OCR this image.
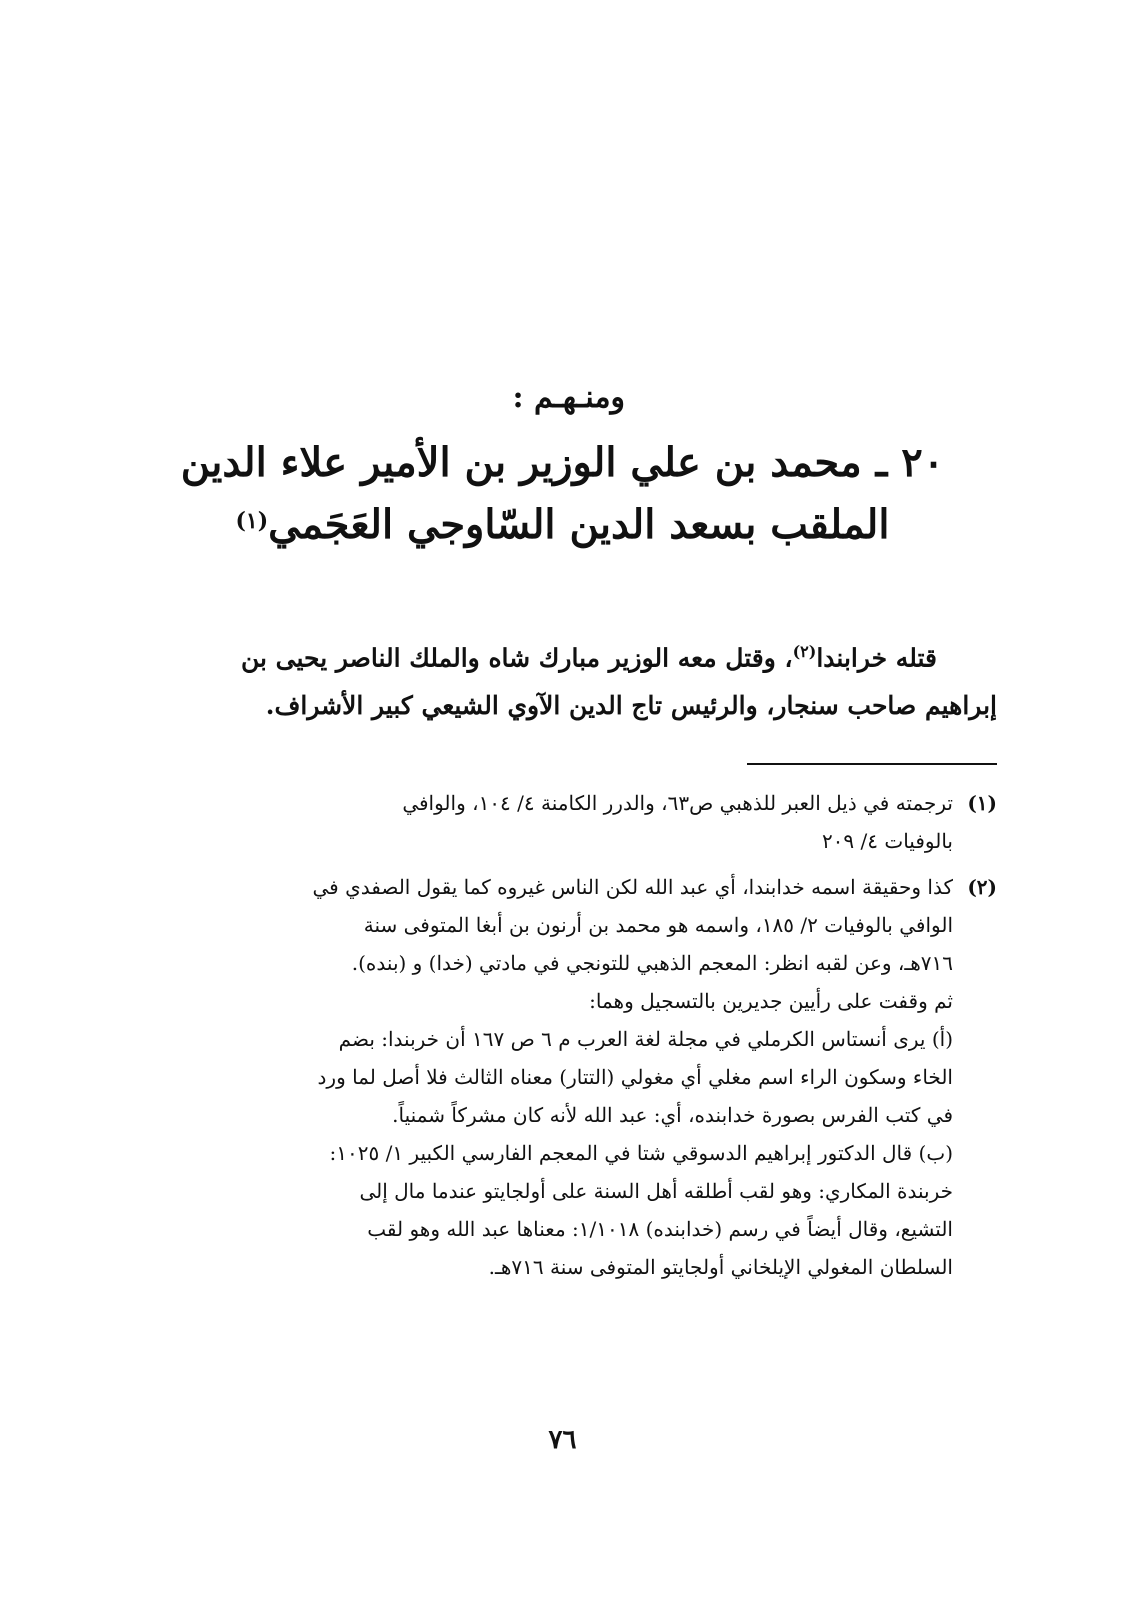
ومنـهـم :
٢٠ ـ محمد بن علي الوزير بن الأمير علاء الدين
الملقب بسعد الدين السّاوجي العَجَمي$^{(١)}$
قتله خرابندا$^{(٢)}$، وقتل معه الوزير مبارك شاه والملك الناصر يحيى بن
إبراهيم صاحب سنجار، والرئيس تاج الدين الآوي الشيعي كبير الأشراف.
(١)
ترجمته في ذيل العبر للذهبي ص٦٣، والدرر الكامنة ٤/ ١٠٤، والوافي
بالوفيات ٤/ ٢٠٩
(٢)
كذا وحقيقة اسمه خدابندا، أي عبد الله لكن الناس غيروه كما يقول الصفدي في
الوافي بالوفيات ٢/ ١٨٥، واسمه هو محمد بن أرنون بن أبغا المتوفى سنة
٧١٦هـ، وعن لقبه انظر: المعجم الذهبي للتونجي في مادتي (خدا) و (بنده).
ثم وقفت على رأيين جديرين بالتسجيل وهما:
(أ) يرى أنستاس الكرملي في مجلة لغة العرب م ٦ ص ١٦٧ أن خربندا: بضم
الخاء وسكون الراء اسم مغلي أي مغولي (التتار) معناه الثالث فلا أصل لما ورد
في كتب الفرس بصورة خدابنده، أي: عبد الله لأنه كان مشركاً شمنياً.
(ب) قال الدكتور إبراهيم الدسوقي شتا في المعجم الفارسي الكبير ١/ ١٠٢٥:
خربندة المكاري: وهو لقب أطلقه أهل السنة على أولجايتو عندما مال إلى
التشيع، وقال أيضاً في رسم (خدابنده) ١/١٠١٨: معناها عبد الله وهو لقب
السلطان المغولي الإيلخاني أولجايتو المتوفى سنة ٧١٦هـ.
٧٦
